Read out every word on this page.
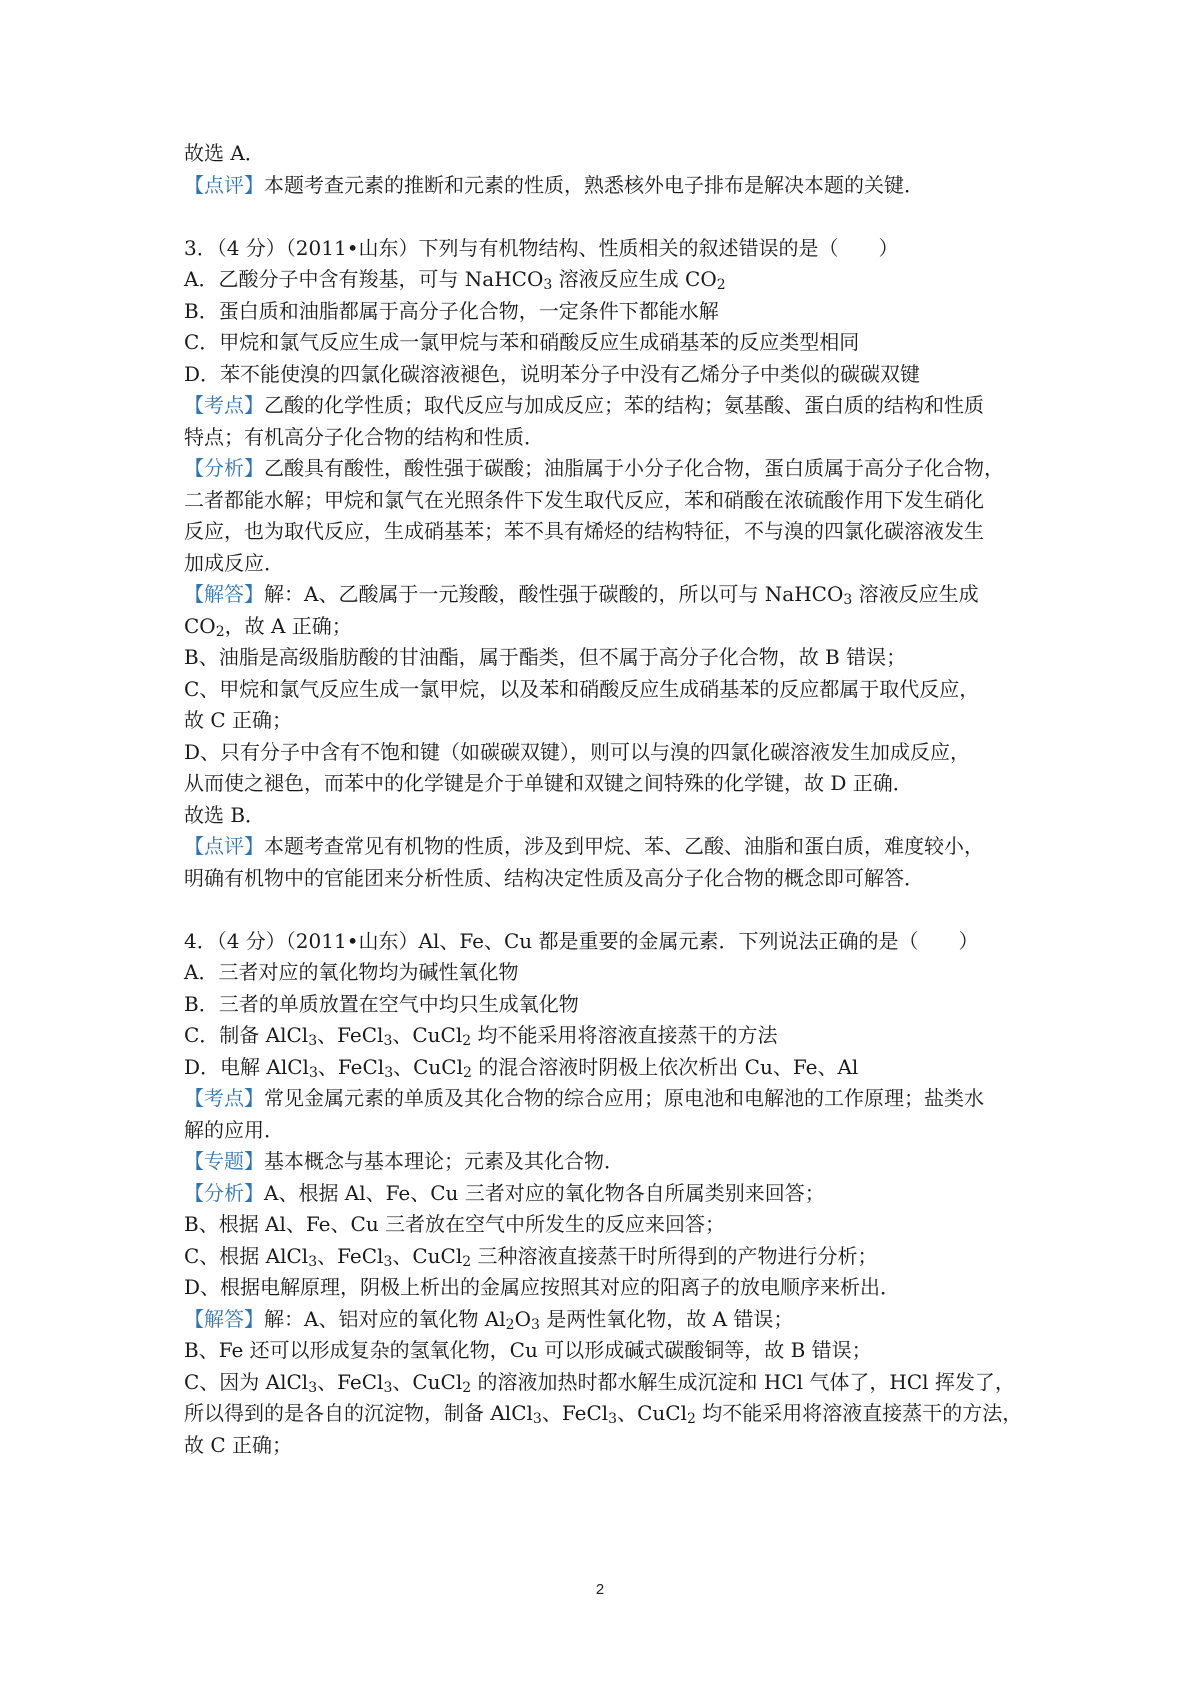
故选 A．
【点评】本题考查元素的推断和元素的性质，熟悉核外电子排布是解决本题的关键．
3．（4 分）（2011•山东）下列与有机物结构、性质相关的叙述错误的是（　　）
A．乙酸分子中含有羧基，可与 NaHCO$_3$ 溶液反应生成 $CO_2$
B．蛋白质和油脂都属于高分子化合物，一定条件下都能水解
C．甲烷和氯气反应生成一氯甲烷与苯和硝酸反应生成硝基苯的反应类型相同
D．苯不能使溴的四氯化碳溶液褪色，说明苯分子中没有乙烯分子中类似的碳碳双键
【考点】乙酸的化学性质；取代反应与加成反应；苯的结构；氨基酸、蛋白质的结构和性质
特点；有机高分子化合物的结构和性质．
【分析】乙酸具有酸性，酸性强于碳酸；油脂属于小分子化合物，蛋白质属于高分子化合物，
二者都能水解；甲烷和氯气在光照条件下发生取代反应，苯和硝酸在浓硫酸作用下发生硝化
反应，也为取代反应，生成硝基苯；苯不具有烯烃的结构特征，不与溴的四氯化碳溶液发生
加成反应．
【解答】解：A、乙酸属于一元羧酸，酸性强于碳酸的，所以可与 NaHCO$_3$ 溶液反应生成
$CO_2$，故 A 正确；
B、油脂是高级脂肪酸的甘油酯，属于酯类，但不属于高分子化合物，故 B 错误；
C、甲烷和氯气反应生成一氯甲烷，以及苯和硝酸反应生成硝基苯的反应都属于取代反应，
故 C 正确；
D、只有分子中含有不饱和键（如碳碳双键），则可以与溴的四氯化碳溶液发生加成反应，
从而使之褪色，而苯中的化学键是介于单键和双键之间特殊的化学键，故 D 正确．
故选 B．
【点评】本题考查常见有机物的性质，涉及到甲烷、苯、乙酸、油脂和蛋白质，难度较小，
明确有机物中的官能团来分析性质、结构决定性质及高分子化合物的概念即可解答．
4．（4 分）（2011•山东）Al、Fe、Cu 都是重要的金属元素．下列说法正确的是（　　）
A．三者对应的氧化物均为碱性氧化物
B．三者的单质放置在空气中均只生成氧化物
C．制备 AlCl$_3$、FeCl$_3$、CuCl$_2$ 均不能采用将溶液直接蒸干的方法
D．电解 AlCl$_3$、FeCl$_3$、CuCl$_2$ 的混合溶液时阴极上依次析出 Cu、Fe、Al
【考点】常见金属元素的单质及其化合物的综合应用；原电池和电解池的工作原理；盐类水
解的应用．
【专题】基本概念与基本理论；元素及其化合物．
【分析】A、根据 Al、Fe、Cu 三者对应的氧化物各自所属类别来回答；
B、根据 Al、Fe、Cu 三者放在空气中所发生的反应来回答；
C、根据 AlCl$_3$、FeCl$_3$、CuCl$_2$ 三种溶液直接蒸干时所得到的产物进行分析；
D、根据电解原理，阴极上析出的金属应按照其对应的阳离子的放电顺序来析出．
【解答】解：A、铝对应的氧化物 $Al_2O_3$ 是两性氧化物，故 A 错误；
B、Fe 还可以形成复杂的氢氧化物，Cu 可以形成碱式碳酸铜等，故 B 错误；
C、因为 AlCl$_3$、FeCl$_3$、CuCl$_2$ 的溶液加热时都水解生成沉淀和 HCl 气体了，HCl 挥发了，
所以得到的是各自的沉淀物，制备 AlCl$_3$、FeCl$_3$、CuCl$_2$ 均不能采用将溶液直接蒸干的方法，
故 C 正确；
2
